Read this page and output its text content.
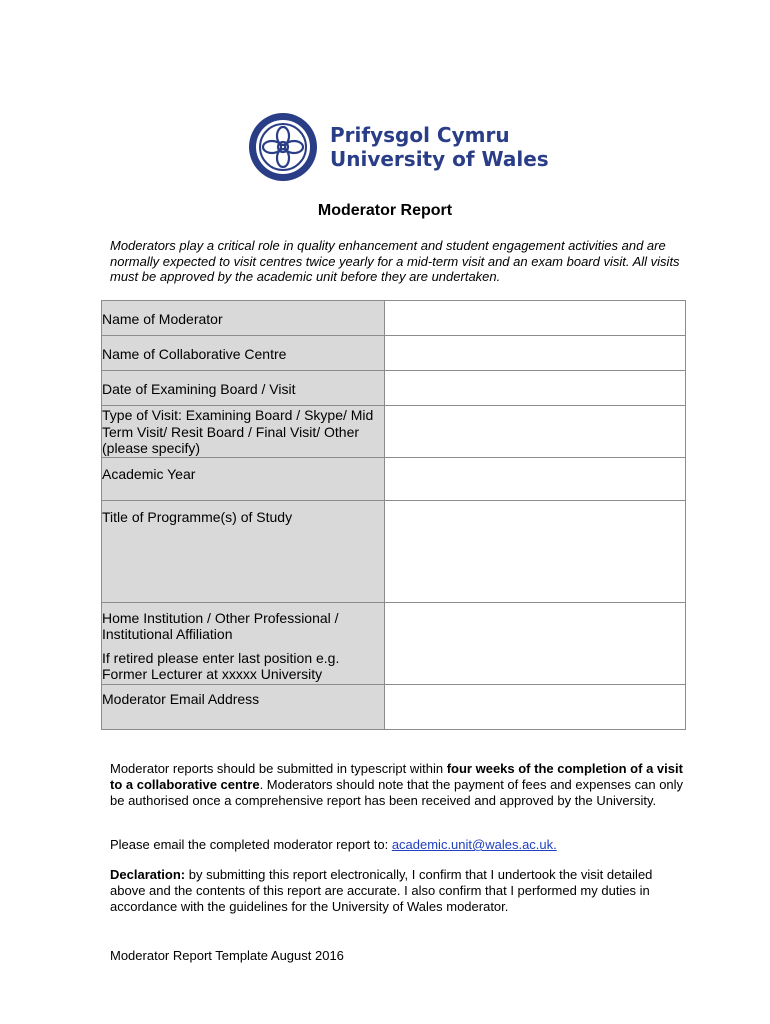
Prifysgol Cymru
University of Wales
Moderator Report
Moderators play a critical role in quality enhancement and student engagement activities and are normally expected to visit centres twice yearly for a mid-term visit and an exam board visit. All visits must be approved by the academic unit before they are undertaken.
Name of Moderator	

Name of Collaborative Centre	

Date of Examining Board / Visit	

Type of Visit: Examining Board / Skype/ Mid Term Visit/ Resit Board / Final Visit/ Other (please specify)	

Academic Year	

Title of Programme(s) of Study	

Home Institution / Other Professional / Institutional Affiliation
If retired please enter last position e.g. Former Lecturer at xxxxx University	

Moderator Email Address	

Moderator reports should be submitted in typescript within four weeks of the completion of a visit to a collaborative centre. Moderators should note that the payment of fees and expenses can only be authorised once a comprehensive report has been received and approved by the University.
Please email the completed moderator report to: academic.unit@wales.ac.uk.
Declaration: by submitting this report electronically, I confirm that I undertook the visit detailed above and the contents of this report are accurate. I also confirm that I performed my duties in accordance with the guidelines for the University of Wales moderator.
Moderator Report Template August 2016
